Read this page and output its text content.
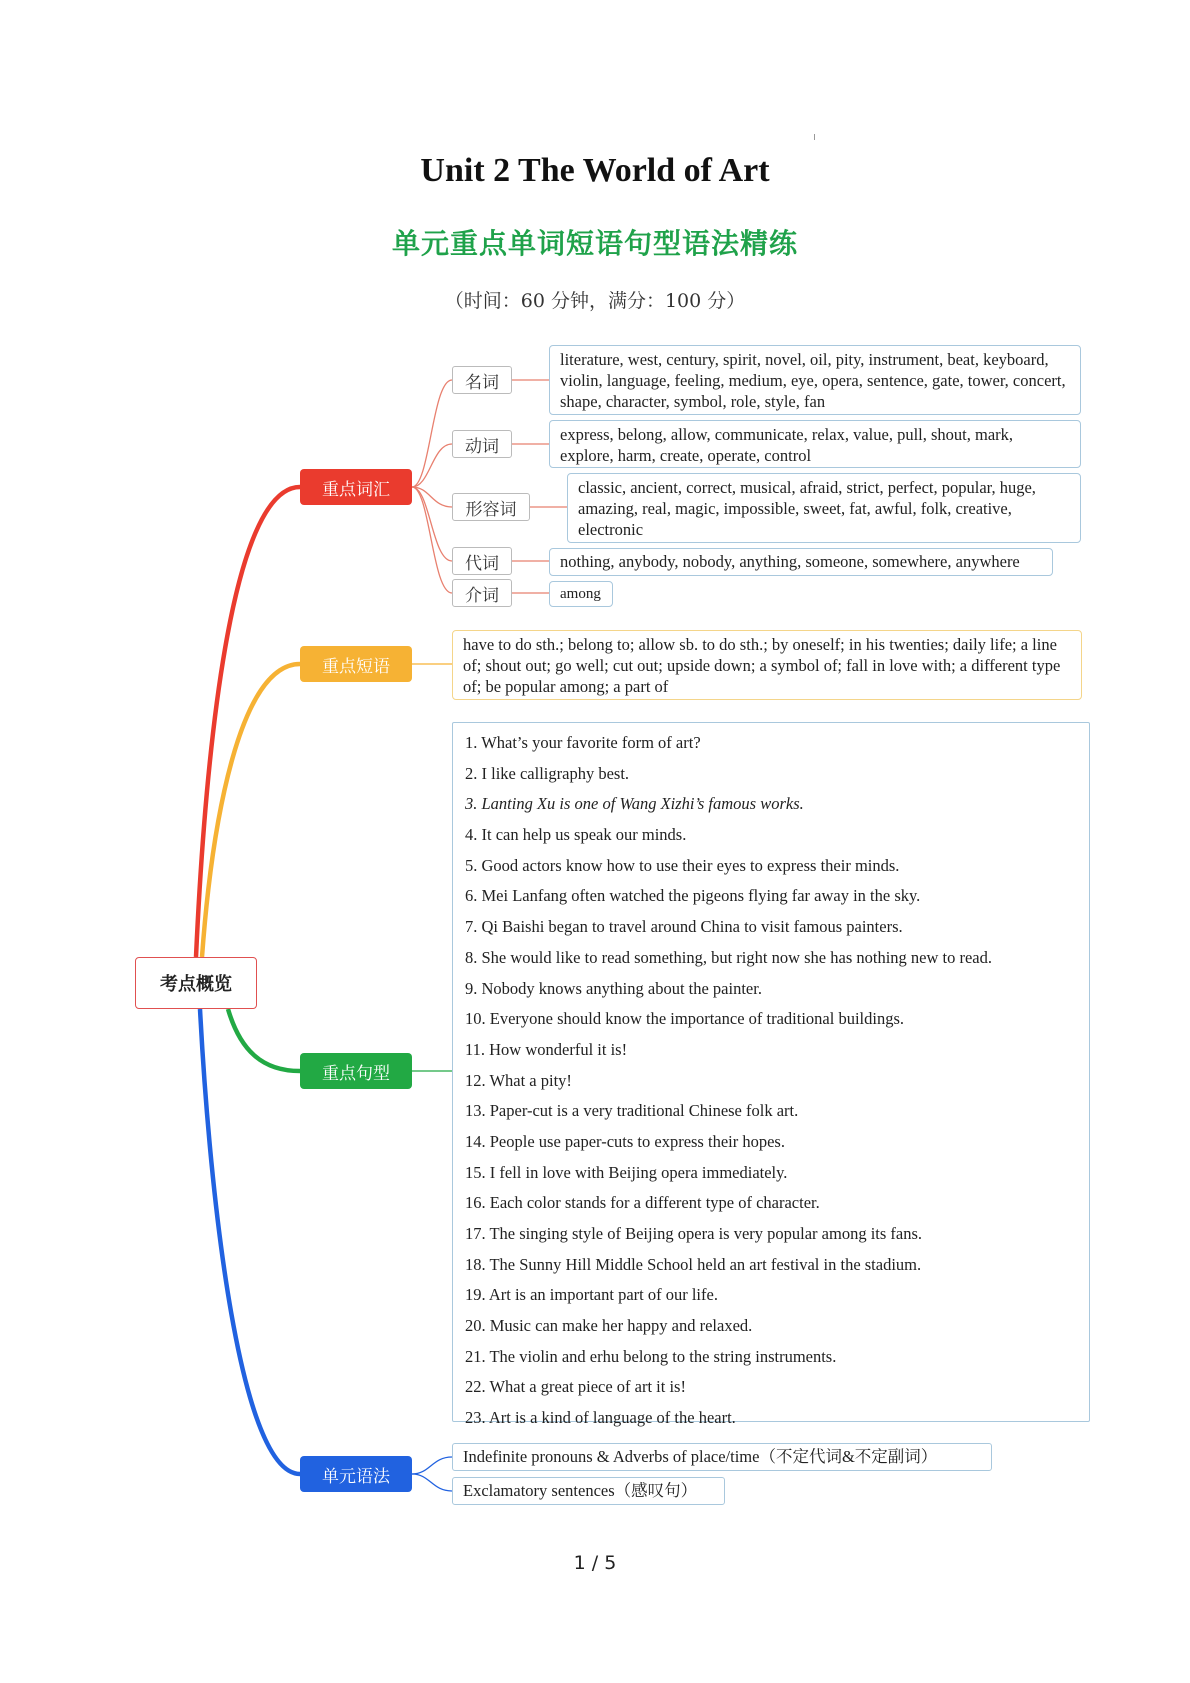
Unit 2 The World of Art
单元重点单词短语句型语法精练
（时间：60 分钟，满分：100 分）
考点概览
重点词汇
重点短语
重点句型
单元语法
名词
动词
形容词
代词
介词
literature, west, century, spirit, novel, oil, pity, instrument, beat, keyboard, violin, language, feeling, medium, eye, opera, sentence, gate, tower, concert, shape, character, symbol, role, style, fan
express, belong, allow, communicate, relax, value, pull, shout, mark, explore, harm, create, operate, control
classic, ancient, correct, musical, afraid, strict, perfect, popular, huge, amazing, real, magic, impossible, sweet, fat, awful, folk, creative, electronic
nothing, anybody, nobody, anything, someone, somewhere, anywhere
among
have to do sth.; belong to; allow sb. to do sth.; by oneself; in his twenties; daily life; a line of; shout out; go well; cut out; upside down; a symbol of; fall in love with; a different type of; be popular among; a part of
1. What’s your favorite form of art?
2. I like calligraphy best.
3. Lanting Xu is one of Wang Xizhi’s famous works.
4. It can help us speak our minds.
5. Good actors know how to use their eyes to express their minds.
6. Mei Lanfang often watched the pigeons flying far away in the sky.
7. Qi Baishi began to travel around China to visit famous painters.
8. She would like to read something, but right now she has nothing new to read.
9. Nobody knows anything about the painter.
10. Everyone should know the importance of traditional buildings.
11. How wonderful it is!
12. What a pity!
13. Paper-cut is a very traditional Chinese folk art.
14. People use paper-cuts to express their hopes.
15. I fell in love with Beijing opera immediately.
16. Each color stands for a different type of character.
17. The singing style of Beijing opera is very popular among its fans.
18. The Sunny Hill Middle School held an art festival in the stadium.
19. Art is an important part of our life.
20. Music can make her happy and relaxed.
21. The violin and erhu belong to the string instruments.
22. What a great piece of art it is!
23. Art is a kind of language of the heart.
Indefinite pronouns & Adverbs of place/time（不定代词&不定副词）
Exclamatory sentences（感叹句）
1 / 5
